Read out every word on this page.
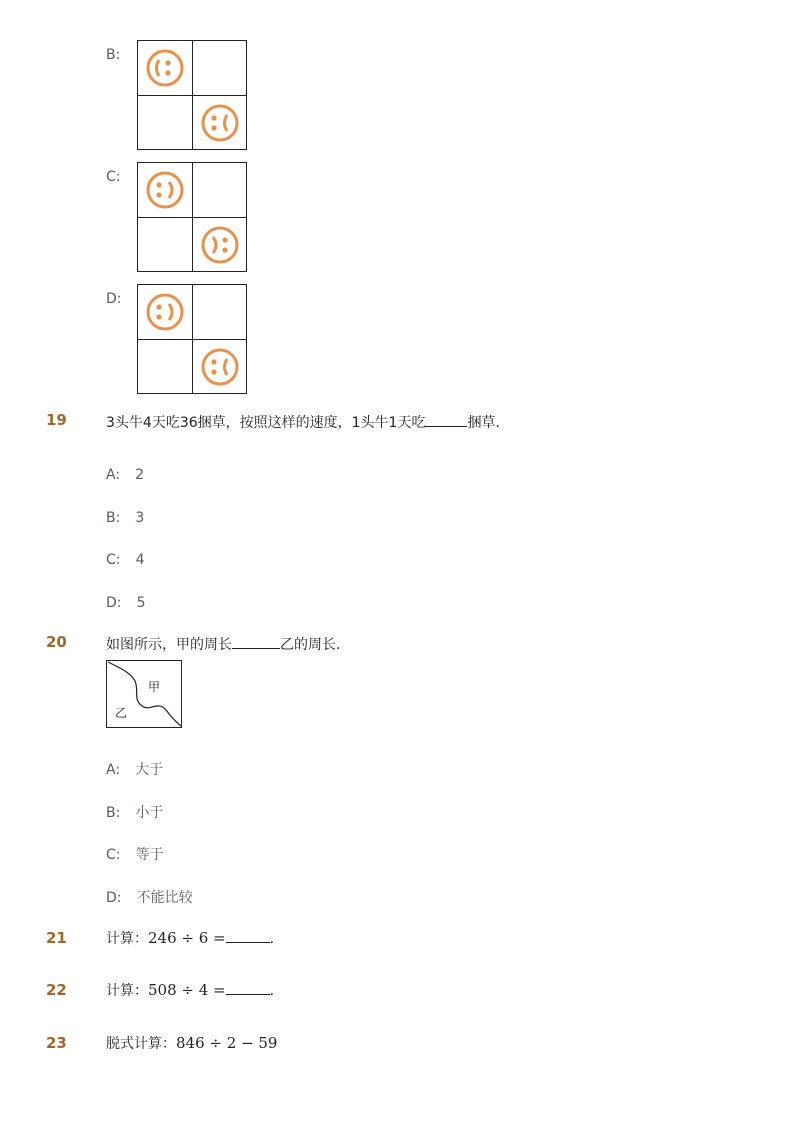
B:
C:
D:
19	3头牛4天吃36捆草，按照这样的速度，1头牛1天吃	捆草.
A: 2
B: 3
C: 4
D: 5
20	如图所示，甲的周长	乙的周长.
甲
乙
A: 大于
B: 小于
C: 等于
D: 不能比较
21	计算：246 ÷ 6 =	.
22	计算：508 ÷ 4 =	.
23	脱式计算：846 ÷ 2 − 59
